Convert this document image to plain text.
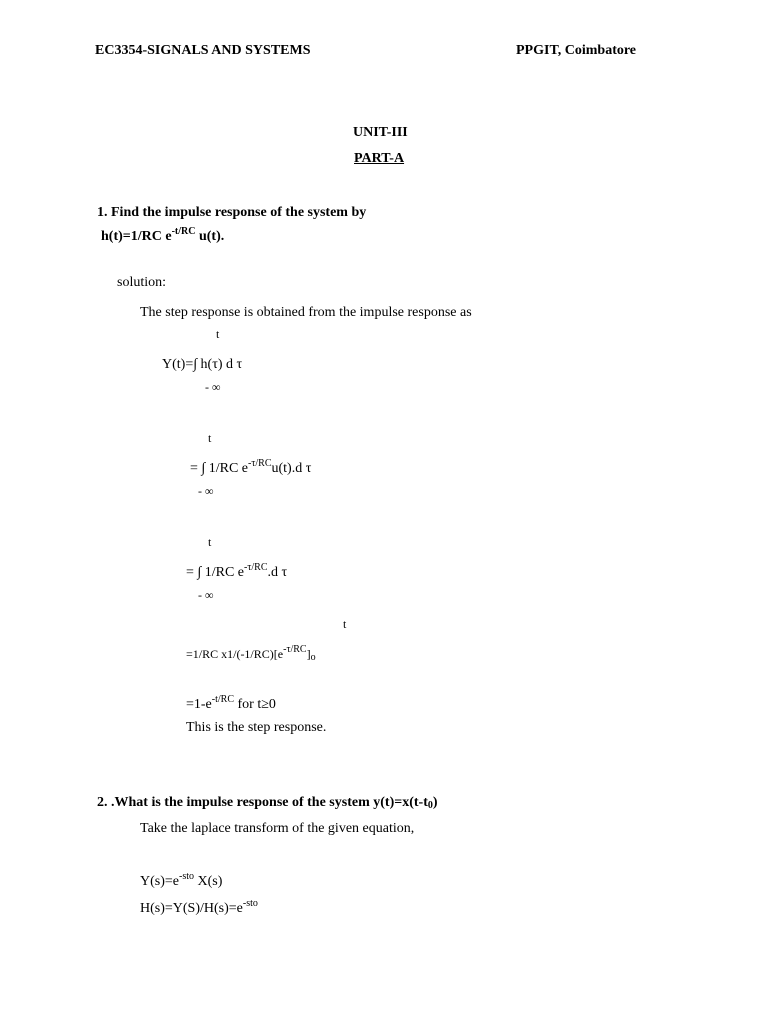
EC3354-SIGNALS AND SYSTEMS	PPGIT, Coimbatore
UNIT-III
PART-A
1. Find the impulse response of the system by
h(t)=1/RC $e^{-t/RC}$ u(t).
solution:
The step response is obtained from the impulse response as
t
Y(t)=∫ h(τ) d τ
- ∞
t
= ∫ 1/RC $e^{-\tau/RC}u(t).d$ τ
- ∞
t
= ∫ 1/RC $e^{-\tau/RC}.d$ τ
- ∞
t
=1/RC $x1/(-1/RC)[e^{-\tau/RC}]_o$
$=1-e^{-t/RC}$ for t≥0
This is the step response.
2. .What is the impulse response of the system $y(t)=x(t-t_0)$
Take the laplace transform of the given equation,
$Y(s)=e^{-sto}$ X(s)
$H(s)=Y(S)/H(s)=e^{-sto}$
